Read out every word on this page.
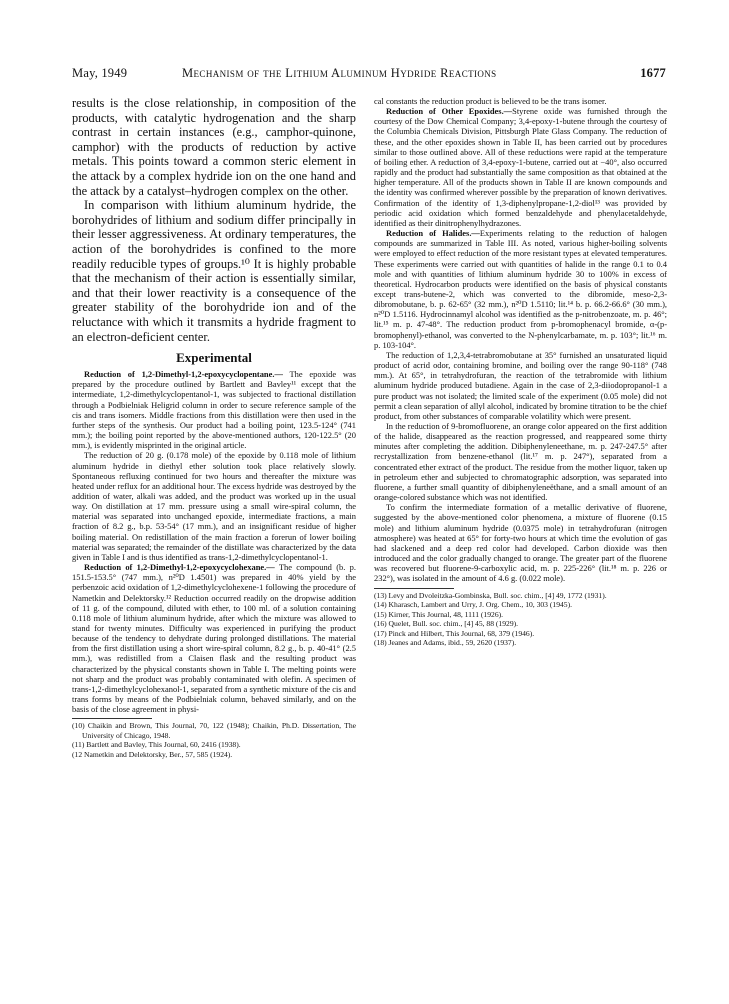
May, 1949	Mechanism of the Lithium Aluminum Hydride Reactions	1677

results is the close relationship, in composition of the products, with catalytic hydrogenation and the sharp contrast in certain instances (e.g., camphor-quinone, camphor) with the products of reduction by active metals. This points toward a common steric element in the attack by a complex hydride ion on the one hand and the attack by a catalyst–hydrogen complex on the other.

In comparison with lithium aluminum hydride, the borohydrides of lithium and sodium differ principally in their lesser aggressiveness. At ordinary temperatures, the action of the borohydrides is confined to the more readily reducible types of groups.¹⁰ It is highly probable that the mechanism of their action is essentially similar, and that their lower reactivity is a consequence of the greater stability of the borohydride ion and of the reluctance with which it transmits a hydride fragment to an electron-deficient center.

Experimental

Reduction of 1,2-Dimethyl-1,2-epoxycyclopentane.— The epoxide was prepared by the procedure outlined by Bartlett and Bavley¹¹ except that the intermediate, 1,2-dimethylcyclopentanol-1, was subjected to fractional distillation through a Podbielniak Heligrid column in order to secure reference sample of the cis and trans isomers. Middle fractions from this distillation were then used in the further steps of the synthesis. Our product had a boiling point, 123.5-124° (741 mm.); the boiling point reported by the above-mentioned authors, 120-122.5° (20 mm.), is evidently misprinted in the original article.

The reduction of 20 g. (0.178 mole) of the epoxide by 0.118 mole of lithium aluminum hydride in diethyl ether solution took place relatively slowly. Spontaneous refluxing continued for two hours and thereafter the mixture was heated under reflux for an additional hour. The excess hydride was destroyed by the addition of water, alkali was added, and the product was worked up in the usual way. On distillation at 17 mm. pressure using a small wire-spiral column, the material was separated into unchanged epoxide, intermediate fractions, a main fraction of 8.2 g., b.p. 53-54° (17 mm.), and an insignificant residue of higher boiling material. On redistillation of the main fraction a forerun of lower boiling material was separated; the remainder of the distillate was characterized by the data given in Table I and is thus identified as trans-1,2-dimethylcyclopentanol-1.

Reduction of 1,2-Dimethyl-1,2-epoxycyclohexane.— The compound (b. p. 151.5-153.5° (747 mm.), n²⁰D 1.4501) was prepared in 40% yield by the perbenzoic acid oxidation of 1,2-dimethylcyclohexene-1 following the procedure of Nametkin and Delektorsky.¹² Reduction occurred readily on the dropwise addition of 11 g. of the compound, diluted with ether, to 100 ml. of a solution containing 0.118 mole of lithium aluminum hydride, after which the mixture was allowed to stand for twenty minutes. Difficulty was experienced in purifying the product because of the tendency to dehydrate during prolonged distillations. The material from the first distillation using a short wire-spiral column, 8.2 g., b. p. 40-41° (2.5 mm.), was redistilled from a Claisen flask and the resulting product was characterized by the physical constants shown in Table I. The melting points were not sharp and the product was probably contaminated with olefin. A specimen of trans-1,2-dimethylcyclohexanol-1, separated from a synthetic mixture of the cis and trans forms by means of the Podbielniak column, behaved similarly, and on the basis of the close agreement in physi-

(10) Chaikin and Brown, This Journal, 70, 122 (1948); Chaikin, Ph.D. Dissertation, The University of Chicago, 1948.

(11) Bartlett and Bavley, This Journal, 60, 2416 (1938).

(12 Nametkin and Delektorsky, Ber., 57, 585 (1924).

cal constants the reduction product is believed to be the trans isomer.

Reduction of Other Epoxides.—Styrene oxide was furnished through the courtesy of the Dow Chemical Company; 3,4-epoxy-1-butene through the courtesy of the Columbia Chemicals Division, Pittsburgh Plate Glass Company. The reduction of these, and the other epoxides shown in Table II, has been carried out by procedures similar to those outlined above. All of these reductions were rapid at the temperature of boiling ether. A reduction of 3,4-epoxy-1-butene, carried out at −40°, also occurred rapidly and the product had substantially the same composition as that obtained at the higher temperature. All of the products shown in Table II are known compounds and the identity was confirmed wherever possible by the preparation of known derivatives. Confirmation of the identity of 1,3-diphenylpropane-1,2-diol¹³ was provided by periodic acid oxidation which formed benzaldehyde and phenylacetaldehyde, identified as their dinitrophenylhydrazones.

Reduction of Halides.—Experiments relating to the reduction of halogen compounds are summarized in Table III. As noted, various higher-boiling solvents were employed to effect reduction of the more resistant types at elevated temperatures. These experiments were carried out with quantities of halide in the range 0.1 to 0.4 mole and with quantities of lithium aluminum hydride 30 to 100% in excess of theoretical. Hydrocarbon products were identified on the basis of physical constants except trans-butene-2, which was converted to the dibromide, meso-2,3-dibromobutane, b. p. 62-65° (32 mm.), n²⁰D 1.5110; lit.¹⁴ b. p. 66.2-66.6° (30 mm.), n²⁰D 1.5116. Hydrocinnamyl alcohol was identified as the p-nitrobenzoate, m. p. 46°; lit.¹⁵ m. p. 47-48°. The reduction product from p-bromophenacyl bromide, α-(p-bromophenyl)-ethanol, was converted to the N-phenylcarbamate, m. p. 103°; lit.¹⁶ m. p. 103-104°.

The reduction of 1,2,3,4-tetrabromobutane at 35° furnished an unsaturated liquid product of acrid odor, containing bromine, and boiling over the range 90-118° (748 mm.). At 65°, in tetrahydrofuran, the reaction of the tetrabromide with lithium aluminum hydride produced butadiene. Again in the case of 2,3-diiodopropanol-1 a pure product was not isolated; the limited scale of the experiment (0.05 mole) did not permit a clean separation of allyl alcohol, indicated by bromine titration to be the chief product, from other substances of comparable volatility which were present.

In the reduction of 9-bromofluorene, an orange color appeared on the first addition of the halide, disappeared as the reaction progressed, and reappeared some thirty minutes after completing the addition. Dibiphenyleneethane, m. p. 247-247.5° after recrystallization from benzene-ethanol (lit.¹⁷ m. p. 247°), separated from a concentrated ether extract of the product. The residue from the mother liquor, taken up in petroleum ether and subjected to chromatographic adsorption, was separated into fluorene, a further small quantity of dibiphenyleneëthane, and a small amount of an orange-colored substance which was not identified.

To confirm the intermediate formation of a metallic derivative of fluorene, suggested by the above-mentioned color phenomena, a mixture of fluorene (0.15 mole) and lithium aluminum hydride (0.0375 mole) in tetrahydrofuran (nitrogen atmosphere) was heated at 65° for forty-two hours at which time the evolution of gas had slackened and a deep red color had developed. Carbon dioxide was then introduced and the color gradually changed to orange. The greater part of the fluorene was recovered but fluorene-9-carboxylic acid, m. p. 225-226° (lit.¹⁸ m. p. 226 or 232°), was isolated in the amount of 4.6 g. (0.022 mole).

(13) Levy and Dvoleitzka-Gombinska, Bull. soc. chim., [4] 49, 1772 (1931).

(14) Kharasch, Lambert and Urry, J. Org. Chem., 10, 303 (1945).

(15) Kirner, This Journal, 48, 1111 (1926).

(16) Quelet, Bull. soc. chim., [4] 45, 88 (1929).

(17) Pinck and Hilbert, This Journal, 68, 379 (1946).

(18) Jeanes and Adams, ibid., 59, 2620 (1937).
